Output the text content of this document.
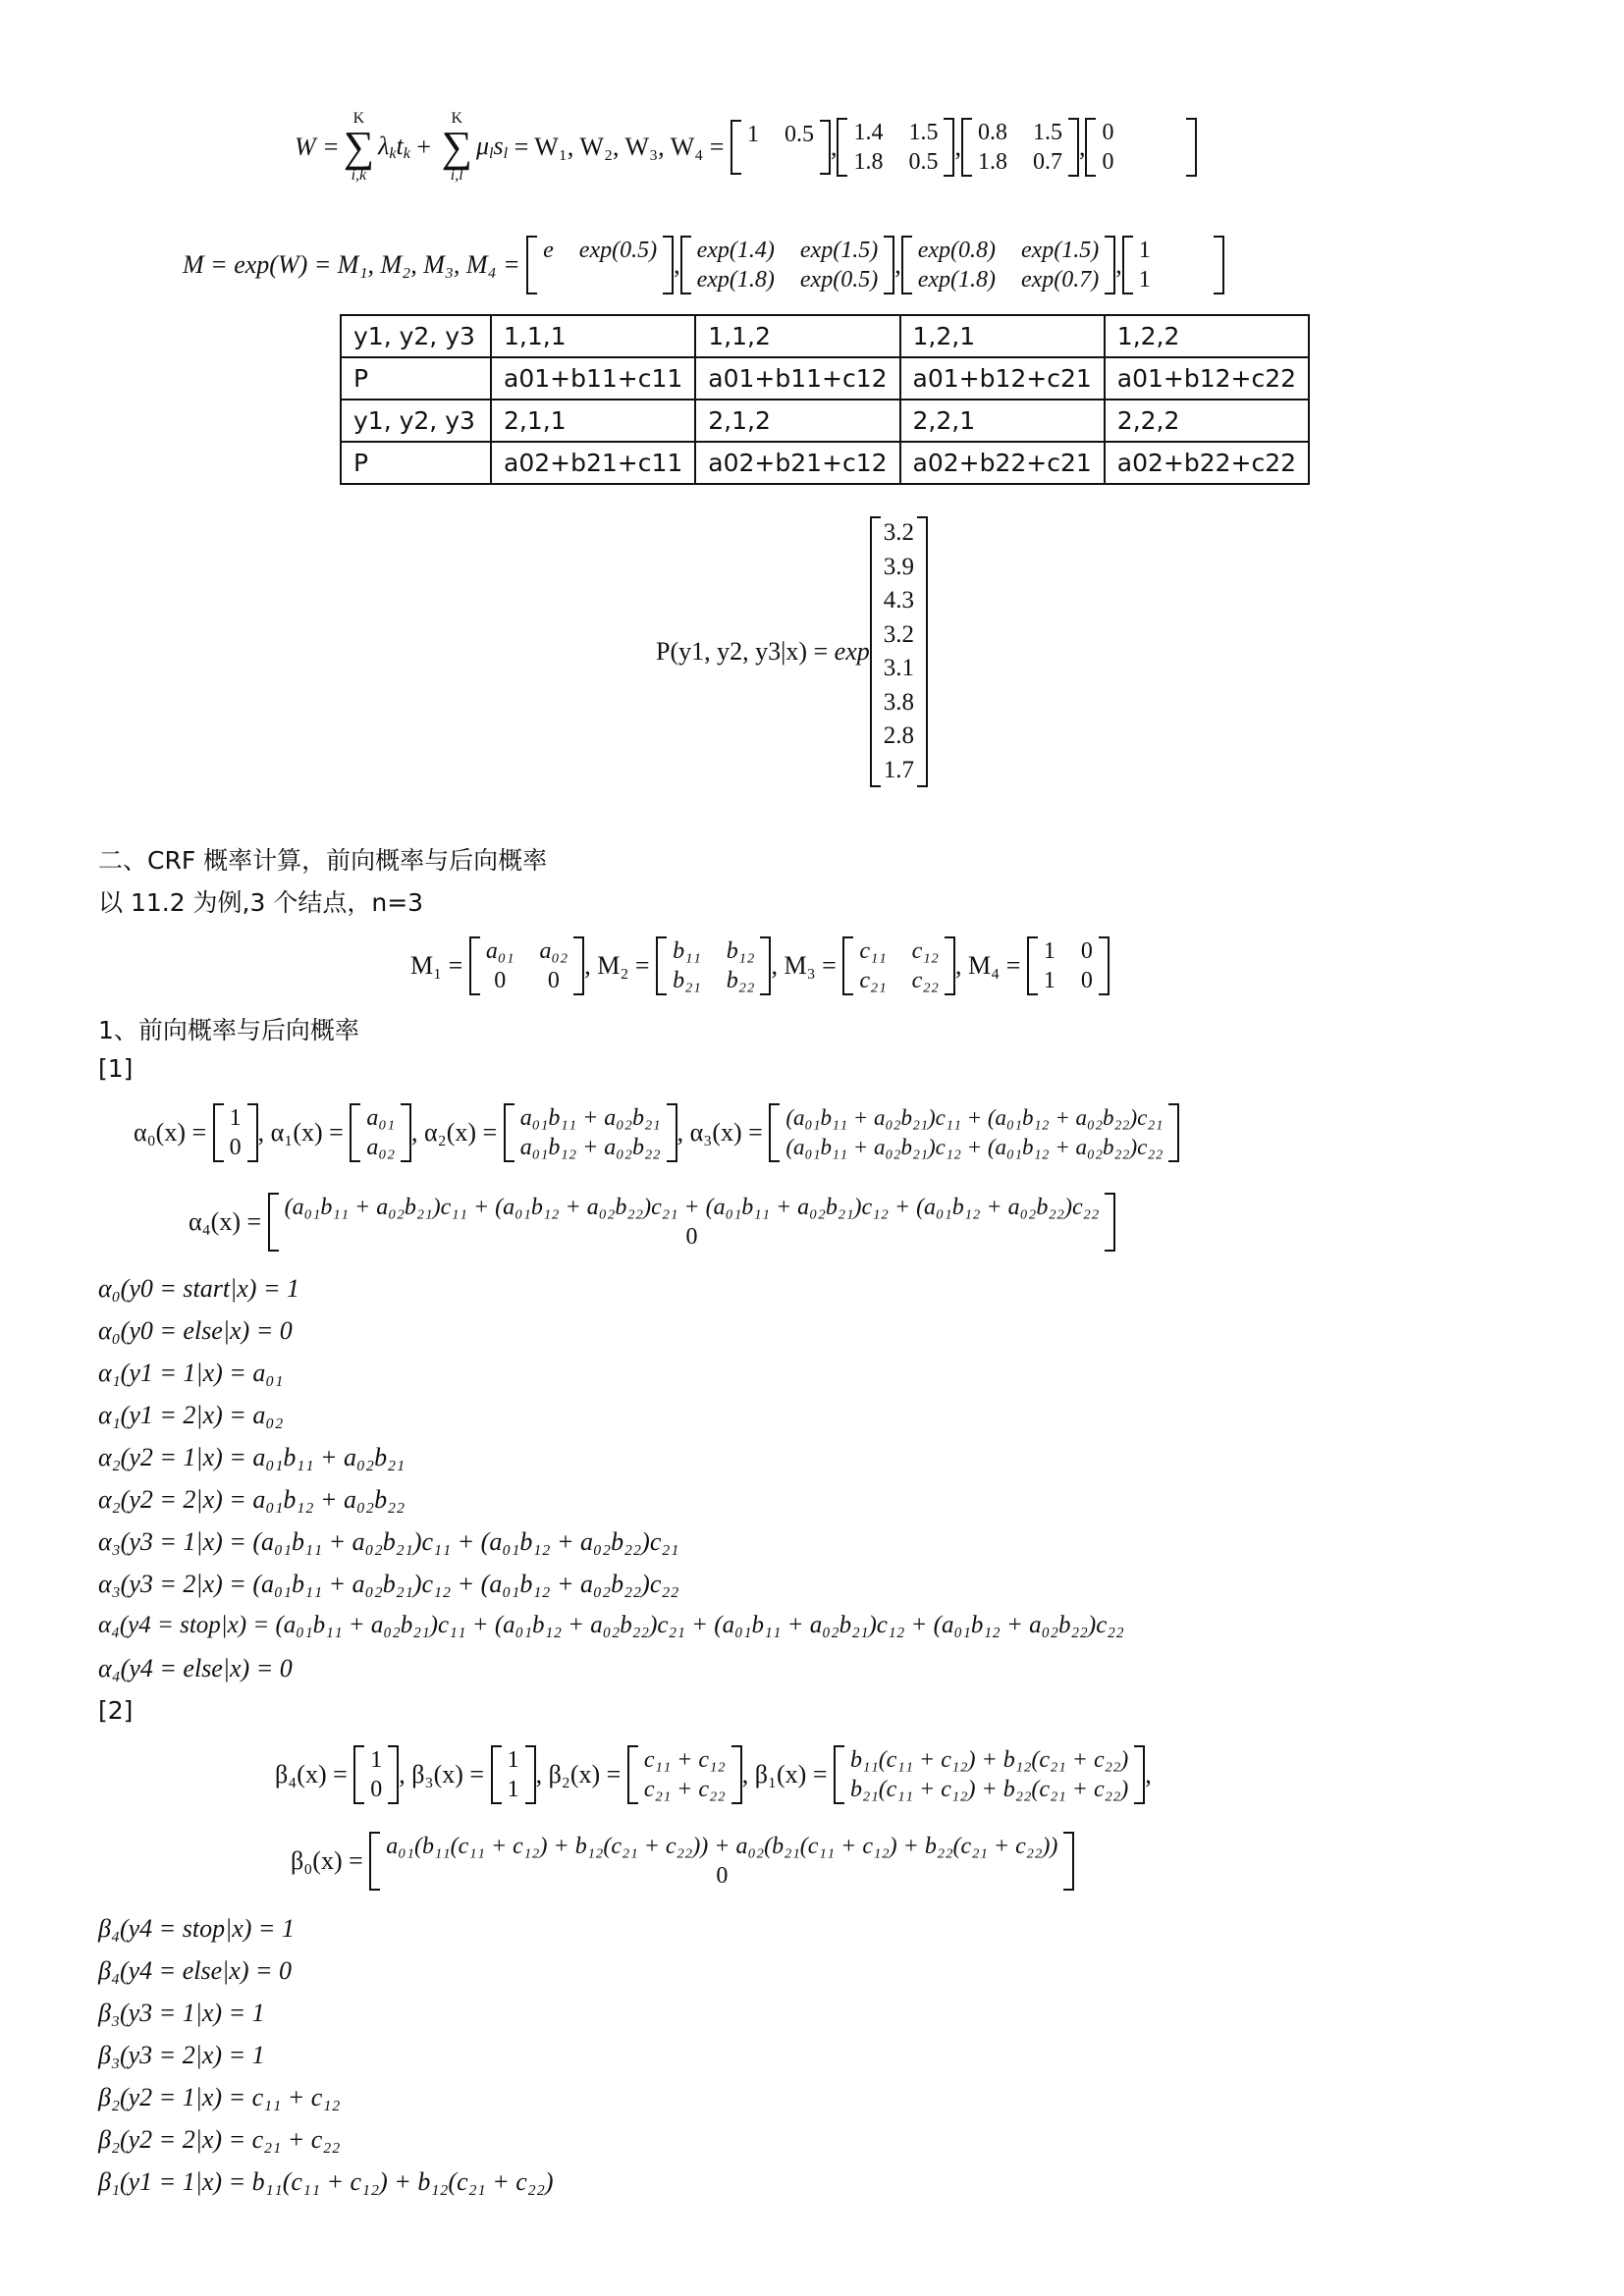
W =
K
∑
i,k
$\lambda_kt_k$ +
K
∑
i,l
$\mu_ls_l = W_1$, W₂, W₃, W₄ = 1 0.5 , 1.4 1.5
1.8 0.5
, 0.8 1.5
1.8 0.7
, 0
0
M = exp(W) = M₁, M₂, M₃, M₄ = e exp(0.5) , exp(1.4) exp(1.5)
exp(1.8) exp(0.5)
, exp(0.8) exp(1.5)
exp(1.8) exp(0.7)
, 1
1
y1, y2, y3	1,1,1	1,1,2	1,2,1	1,2,2
P	a01+b11+c11	a01+b11+c12	a01+b12+c21	a01+b12+c22
y1, y2, y3	2,1,1	2,1,2	2,2,1	2,2,2
P	a02+b21+c11	a02+b21+c12	a02+b22+c21	a02+b22+c22
P(y1, y2, y3|x) = exp
3.2
3.9
4.3
3.2
3.1
3.8
2.8
1.7
二、CRF 概率计算，前向概率与后向概率
以 11.2 为例,3 个结点，n=3
M₁ = a₀₁ a₀₂
0 0
, M₂ = b₁₁ b₁₂
b₂₁ b₂₂
, M₃ = c₁₁ c₁₂
c₂₁ c₂₂
, M₄ = 1 0
1 0
1、前向概率与后向概率
[1]
α₀(x) = 1
0
, α₁(x) = a₀₁
a₀₂
, α₂(x) = a₀₁b₁₁ + a₀₂b₂₁
a₀₁b₁₂ + a₀₂b₂₂
, α₃(x) =
(a₀₁b₁₁ + a₀₂b₂₁)c₁₁ + (a₀₁b₁₂ + a₀₂b₂₂)c₂₁
(a₀₁b₁₁ + a₀₂b₂₁)c₁₂ + (a₀₁b₁₂ + a₀₂b₂₂)c₂₂
α₄(x) = (a₀₁b₁₁ + a₀₂b₂₁)c₁₁ + (a₀₁b₁₂ + a₀₂b₂₂)c₂₁ + (a₀₁b₁₁ + a₀₂b₂₁)c₁₂ + (a₀₁b₁₂ + a₀₂b₂₂)c₂₂
0
α₀(y0 = start|x) = 1
α₀(y0 = else|x) = 0
α₁(y1 = 1|x) = a₀₁
α₁(y1 = 2|x) = a₀₂
α₂(y2 = 1|x) = a₀₁b₁₁ + a₀₂b₂₁
α₂(y2 = 2|x) = a₀₁b₁₂ + a₀₂b₂₂
α₃(y3 = 1|x) = (a₀₁b₁₁ + a₀₂b₂₁)c₁₁ + (a₀₁b₁₂ + a₀₂b₂₂)c₂₁
α₃(y3 = 2|x) = (a₀₁b₁₁ + a₀₂b₂₁)c₁₂ + (a₀₁b₁₂ + a₀₂b₂₂)c₂₂
α₄(y4 = stop|x) = (a₀₁b₁₁ + a₀₂b₂₁)c₁₁ + (a₀₁b₁₂ + a₀₂b₂₂)c₂₁ + (a₀₁b₁₁ + a₀₂b₂₁)c₁₂ + (a₀₁b₁₂ + a₀₂b₂₂)c₂₂
α₄(y4 = else|x) = 0
[2]
β₄(x) = 1
0
, β₃(x) = 1
1
, β₂(x) = c₁₁ + c₁₂
c₂₁ + c₂₂
, β₁(x) = b₁₁(c₁₁ + c₁₂) + b₁₂(c₂₁ + c₂₂)
b₂₁(c₁₁ + c₁₂) + b₂₂(c₂₁ + c₂₂)
,
β₀(x) = a₀₁(b₁₁(c₁₁ + c₁₂) + b₁₂(c₂₁ + c₂₂)) + a₀₂(b₂₁(c₁₁ + c₁₂) + b₂₂(c₂₁ + c₂₂))
0
β₄(y4 = stop|x) = 1
β₄(y4 = else|x) = 0
β₃(y3 = 1|x) = 1
β₃(y3 = 2|x) = 1
β₂(y2 = 1|x) = c₁₁ + c₁₂
β₂(y2 = 2|x) = c₂₁ + c₂₂
β₁(y1 = 1|x) = b₁₁(c₁₁ + c₁₂) + b₁₂(c₂₁ + c₂₂)
